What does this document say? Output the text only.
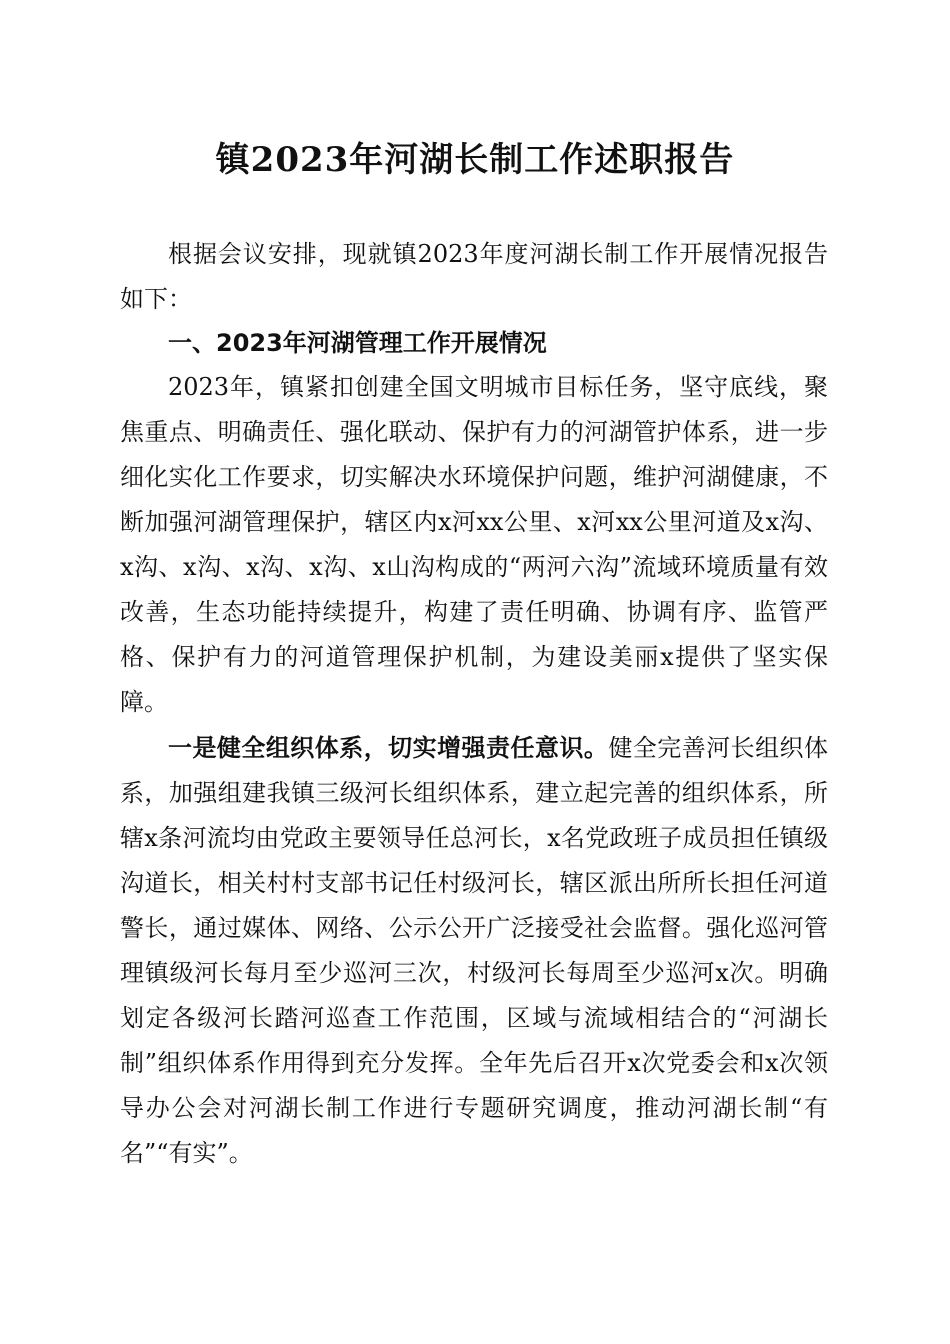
镇2023年河湖长制工作述职报告
根据会议安排，现就镇2023年度河湖长制工作开展情况报告如下：
一、2023年河湖管理工作开展情况
2023年，镇紧扣创建全国文明城市目标任务，坚守底线，聚焦重点、明确责任、强化联动、保护有力的河湖管护体系，进一步细化实化工作要求，切实解决水环境保护问题，维护河湖健康，不断加强河湖管理保护，辖区内x河xx公里、x河xx公里河道及x沟、x沟、x沟、x沟、x沟、x山沟构成的“两河六沟”流域环境质量有效改善，生态功能持续提升，构建了责任明确、协调有序、监管严格、保护有力的河道管理保护机制，为建设美丽x提供了坚实保障。
一是健全组织体系，切实增强责任意识。健全完善河长组织体系，加强组建我镇三级河长组织体系，建立起完善的组织体系，所辖x条河流均由党政主要领导任总河长，x名党政班子成员担任镇级沟道长，相关村村支部书记任村级河长，辖区派出所所长担任河道警长，通过媒体、网络、公示公开广泛接受社会监督。强化巡河管理镇级河长每月至少巡河三次，村级河长每周至少巡河x次。明确划定各级河长踏河巡查工作范围，区域与流域相结合的“河湖长制”组织体系作用得到充分发挥。全年先后召开x次党委会和x次领导办公会对河湖长制工作进行专题研究调度，推动河湖长制“有名”“有实”。
